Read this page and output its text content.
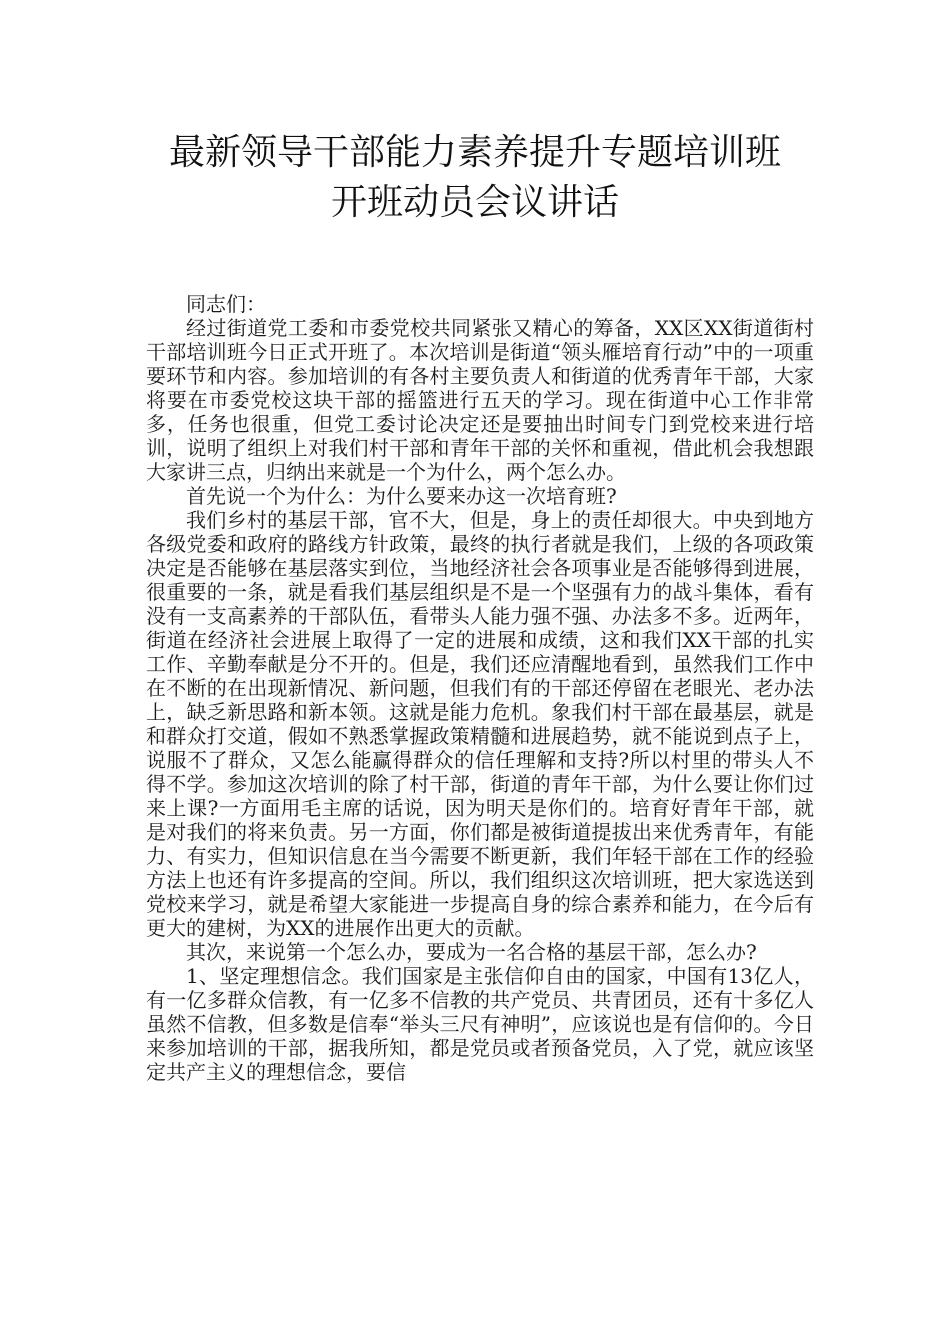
最新领导干部能力素养提升专题培训班
开班动员会议讲话

同志们：

经过街道党工委和市委党校共同紧张又精心的筹备，XX区XX街道街村干部培训班今日正式开班了。本次培训是街道“领头雁培育行动”中的一项重要环节和内容。参加培训的有各村主要负责人和街道的优秀青年干部，大家将要在市委党校这块干部的摇篮进行五天的学习。现在街道中心工作非常多，任务也很重，但党工委讨论决定还是要抽出时间专门到党校来进行培训，说明了组织上对我们村干部和青年干部的关怀和重视，借此机会我想跟大家讲三点，归纳出来就是一个为什么，两个怎么办。

首先说一个为什么：为什么要来办这一次培育班?

我们乡村的基层干部，官不大，但是，身上的责任却很大。中央到地方各级党委和政府的路线方针政策，最终的执行者就是我们，上级的各项政策决定是否能够在基层落实到位，当地经济社会各项事业是否能够得到进展，很重要的一条，就是看我们基层组织是不是一个坚强有力的战斗集体，看有没有一支高素养的干部队伍，看带头人能力强不强、办法多不多。近两年，街道在经济社会进展上取得了一定的进展和成绩，这和我们XX干部的扎实工作、辛勤奉献是分不开的。但是，我们还应清醒地看到，虽然我们工作中在不断的在出现新情况、新问题，但我们有的干部还停留在老眼光、老办法上，缺乏新思路和新本领。这就是能力危机。象我们村干部在最基层，就是和群众打交道，假如不熟悉掌握政策精髓和进展趋势，就不能说到点子上，说服不了群众，又怎么能赢得群众的信任理解和支持?所以村里的带头人不得不学。参加这次培训的除了村干部，街道的青年干部，为什么要让你们过来上课?一方面用毛主席的话说，因为明天是你们的。培育好青年干部，就是对我们的将来负责。另一方面，你们都是被街道提拔出来优秀青年，有能力、有实力，但知识信息在当今需要不断更新，我们年轻干部在工作的经验方法上也还有许多提高的空间。所以，我们组织这次培训班，把大家选送到党校来学习，就是希望大家能进一步提高自身的综合素养和能力，在今后有更大的建树，为XX的进展作出更大的贡献。

其次，来说第一个怎么办，要成为一名合格的基层干部，怎么办?

1、坚定理想信念。我们国家是主张信仰自由的国家，中国有13亿人，有一亿多群众信教，有一亿多不信教的共产党员、共青团员，还有十多亿人虽然不信教，但多数是信奉“举头三尺有神明”，应该说也是有信仰的。今日来参加培训的干部，据我所知，都是党员或者预备党员，入了党，就应该坚定共产主义的理想信念，要信
